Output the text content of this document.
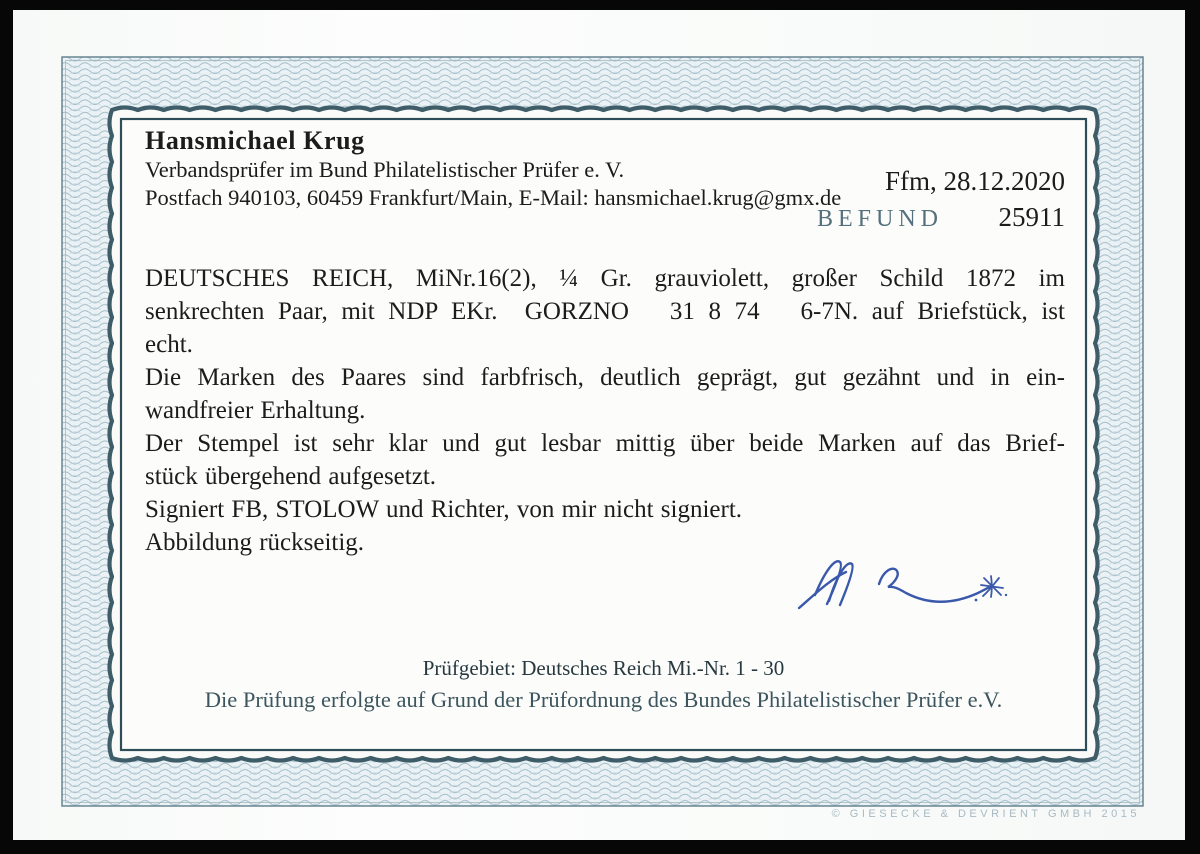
Hansmichael Krug
Verbandsprüfer im Bund Philatelistischer Prüfer e. V.
Postfach 940103, 60459 Frankfurt/Main, E-Mail: hansmichael.krug@gmx.de
Ffm, 28.12.2020
BEFUND 25911
DEUTSCHES REICH, MiNr.16(2), ¼ Gr. grauviolett, großer Schild 1872 im
senkrechten Paar, mit NDP EKr.  GORZNO   31 8 74   6-7N. auf Briefstück, ist
echt.
Die Marken des Paares sind farbfrisch, deutlich geprägt, gut gezähnt und in ein-
wandfreier Erhaltung.
Der Stempel ist sehr klar und gut lesbar mittig über beide Marken auf das Brief-
stück übergehend aufgesetzt.
Signiert FB, STOLOW und Richter, von mir nicht signiert.
Abbildung rückseitig.
Prüfgebiet: Deutsches Reich Mi.-Nr. 1 - 30
Die Prüfung erfolgte auf Grund der Prüfordnung des Bundes Philatelistischer Prüfer e.V.
© GIESECKE & DEVRIENT GMBH 2015
